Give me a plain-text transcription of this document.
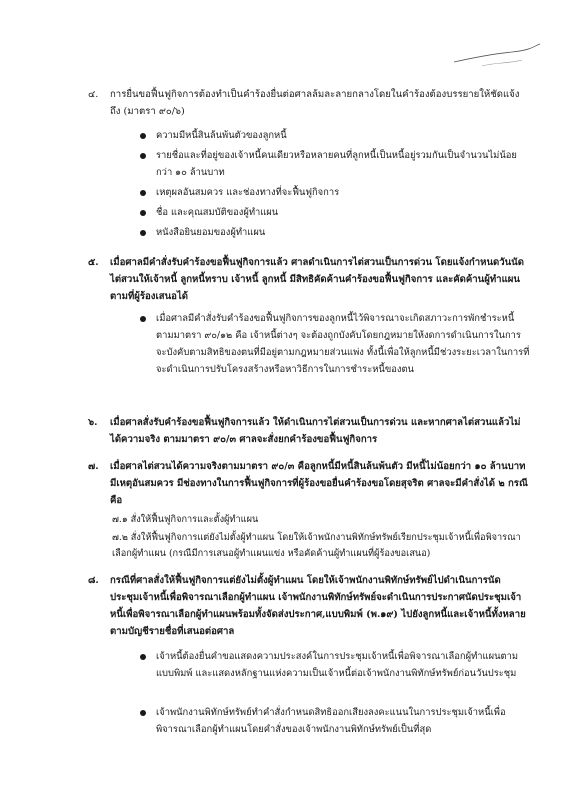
๔. การยื่นขอฟื้นฟูกิจการต้องทำเป็นคำร้องยื่นต่อศาลล้มละลายกลางโดยในคำร้องต้องบรรยายให้ชัดแจ้งถึง (มาตรา ๙๐/๖)
ความมีหนี้สินล้นพ้นตัวของลูกหนี้
รายชื่อและที่อยู่ของเจ้าหนี้คนเดียวหรือหลายคนที่ลูกหนี้เป็นหนี้อยู่รวมกันเป็นจำนวนไม่น้อยกว่า ๑๐ ล้านบาท
เหตุผลอันสมควร และช่องทางที่จะฟื้นฟูกิจการ
ชื่อ และคุณสมบัติของผู้ทำแผน
หนังสือยินยอมของผู้ทำแผน
๕. เมื่อศาลมีคำสั่งรับคำร้องขอฟื้นฟูกิจการแล้ว ศาลดำเนินการไต่สวนเป็นการด่วน โดยแจ้งกำหนดวันนัดไต่สวนให้เจ้าหนี้ ลูกหนี้ทราบ เจ้าหนี้ ลูกหนี้ มีสิทธิคัดค้านคำร้องขอฟื้นฟูกิจการ และคัดค้านผู้ทำแผนตามที่ผู้ร้องเสนอได้
เมื่อศาลมีคำสั่งรับคำร้องขอฟื้นฟูกิจการของลูกหนี้ไว้พิจารณาจะเกิดสภาวะการพักชำระหนี้ตามมาตรา ๙๐/๑๒ คือ เจ้าหนี้ต่างๆ จะต้องถูกบังคับโดยกฎหมายให้งดการดำเนินการในการจะบังคับตามสิทธิของตนที่มีอยู่ตามกฎหมายส่วนแพ่ง ทั้งนี้เพื่อให้ลูกหนี้มีช่วงระยะเวลาในการที่จะดำเนินการปรับโครงสร้างหรือหาวิธีการในการชำระหนี้ของตน
๖. เมื่อศาลสั่งรับคำร้องขอฟื้นฟูกิจการแล้ว ให้ดำเนินการไต่สวนเป็นการด่วน และหากศาลไต่สวนแล้วไม่ได้ความจริง ตามมาตรา ๙๐/๓ ศาลจะสั่งยกคำร้องขอฟื้นฟูกิจการ
๗. เมื่อศาลไต่สวนได้ความจริงตามมาตรา ๙๐/๓ คือลูกหนี้มีหนี้สินล้นพ้นตัว มีหนี้ไม่น้อยกว่า ๑๐ ล้านบาท มีเหตุอันสมควร มีช่องทางในการฟื้นฟูกิจการที่ผู้ร้องขอยื่นคำร้องขอโดยสุจริต ศาลจะมีคำสั่งได้ ๒ กรณี คือ
๗.๑ สั่งให้ฟื้นฟูกิจการและตั้งผู้ทำแผน
๗.๒ สั่งให้ฟื้นฟูกิจการแต่ยังไม่ตั้งผู้ทำแผน โดยให้เจ้าพนักงานพิทักษ์ทรัพย์เรียกประชุมเจ้าหนี้เพื่อพิจารณาเลือกผู้ทำแผน (กรณีมีการเสนอผู้ทำแผนแข่ง หรือคัดค้านผู้ทำแผนที่ผู้ร้องขอเสนอ)
๘. กรณีที่ศาลสั่งให้ฟื้นฟูกิจการแต่ยังไม่ตั้งผู้ทำแผน โดยให้เจ้าพนักงานพิทักษ์ทรัพย์ไปดำเนินการนัดประชุมเจ้าหนี้เพื่อพิจารณาเลือกผู้ทำแผน เจ้าพนักงานพิทักษ์ทรัพย์จะดำเนินการประกาศนัดประชุมเจ้าหนี้เพื่อพิจารณาเลือกผู้ทำแผนพร้อมทั้งจัดส่งประกาศ,แบบพิมพ์ (พ.๑๙) ไปยังลูกหนี้และเจ้าหนี้ทั้งหลายตามบัญชีรายชื่อที่เสนอต่อศาล
เจ้าหนี้ต้องยื่นคำขอแสดงความประสงค์ในการประชุมเจ้าหนี้เพื่อพิจารณาเลือกผู้ทำแผนตามแบบพิมพ์ และแสดงหลักฐานแห่งความเป็นเจ้าหนี้ต่อเจ้าพนักงานพิทักษ์ทรัพย์ก่อนวันประชุม
เจ้าพนักงานพิทักษ์ทรัพย์ทำคำสั่งกำหนดสิทธิออกเสียงลงคะแนนในการประชุมเจ้าหนี้เพื่อพิจารณาเลือกผู้ทำแผนโดยคำสั่งของเจ้าพนักงานพิทักษ์ทรัพย์เป็นที่สุด
